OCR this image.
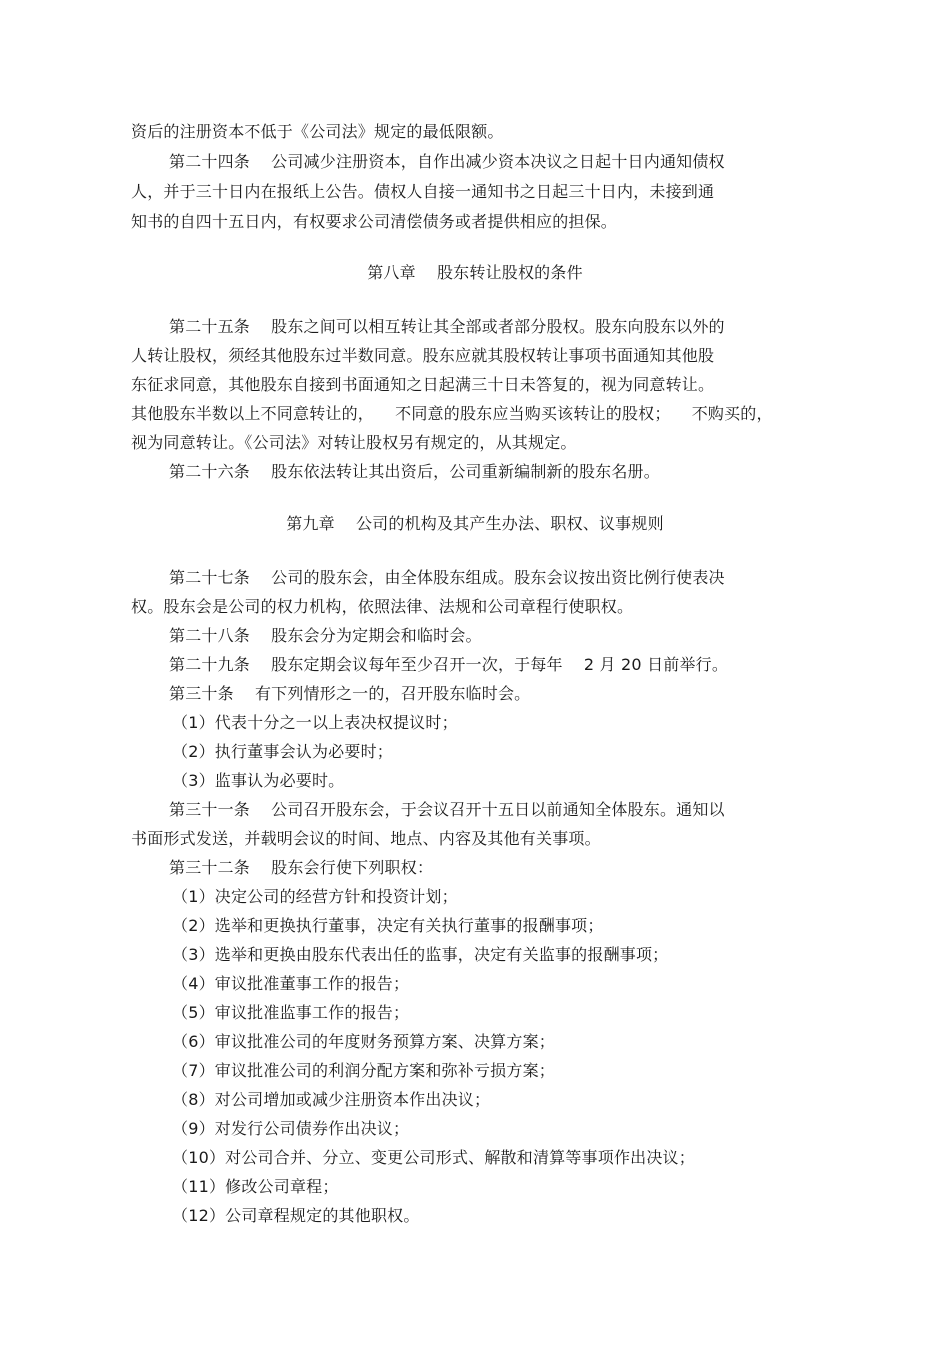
资后的注册资本不低于《公司法》规定的最低限额。
第二十四条    公司减少注册资本，自作出减少资本决议之日起十日内通知债权
人，并于三十日内在报纸上公告。债权人自接一通知书之日起三十日内，未接到通
知书的自四十五日内，有权要求公司清偿债务或者提供相应的担保。
第八章    股东转让股权的条件
第二十五条    股东之间可以相互转让其全部或者部分股权。股东向股东以外的
人转让股权，须经其他股东过半数同意。股东应就其股权转让事项书面通知其他股
东征求同意，其他股东自接到书面通知之日起满三十日未答复的，视为同意转让。
其他股东半数以上不同意转让的，    不同意的股东应当购买该转让的股权；    不购买的，
视为同意转让。《公司法》对转让股权另有规定的，从其规定。
第二十六条    股东依法转让其出资后，公司重新编制新的股东名册。
第九章    公司的机构及其产生办法、职权、议事规则
第二十七条    公司的股东会，由全体股东组成。股东会议按出资比例行使表决
权。股东会是公司的权力机构，依照法律、法规和公司章程行使职权。
第二十八条    股东会分为定期会和临时会。
第二十九条    股东定期会议每年至少召开一次，于每年    2 月 20 日前举行。
第三十条    有下列情形之一的，召开股东临时会。
（1）代表十分之一以上表决权提议时；
（2）执行董事会认为必要时；
（3）监事认为必要时。
第三十一条    公司召开股东会，于会议召开十五日以前通知全体股东。通知以
书面形式发送，并载明会议的时间、地点、内容及其他有关事项。
第三十二条    股东会行使下列职权：
（1）决定公司的经营方针和投资计划；
（2）选举和更换执行董事，决定有关执行董事的报酬事项；
（3）选举和更换由股东代表出任的监事，决定有关监事的报酬事项；
（4）审议批准董事工作的报告；
（5）审议批准监事工作的报告；
（6）审议批准公司的年度财务预算方案、决算方案；
（7）审议批准公司的利润分配方案和弥补亏损方案；
（8）对公司增加或减少注册资本作出决议；
（9）对发行公司债券作出决议；
（10）对公司合并、分立、变更公司形式、解散和清算等事项作出决议；
（11）修改公司章程；
（12）公司章程规定的其他职权。
